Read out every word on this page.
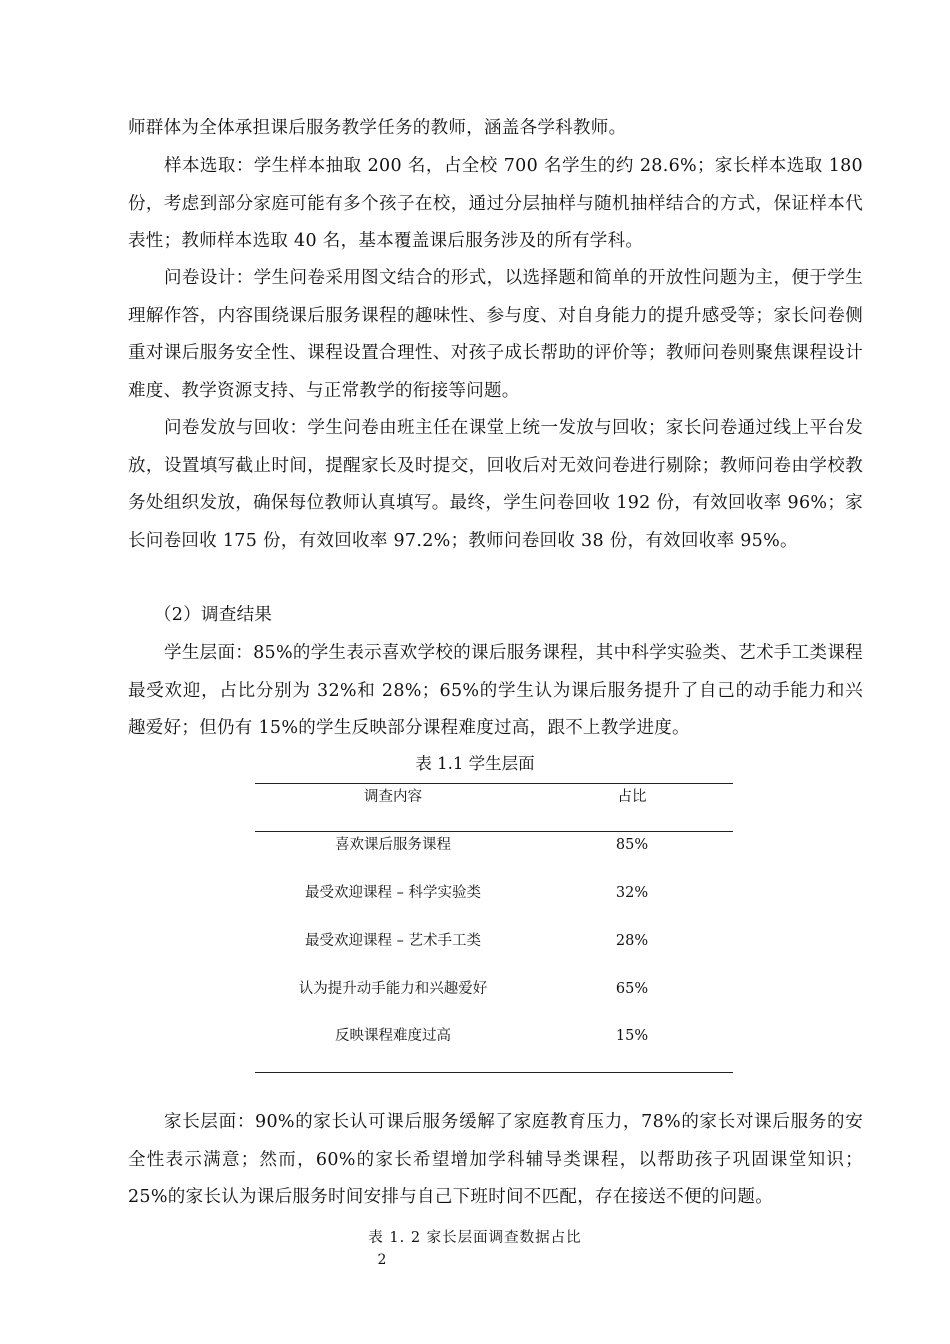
师群体为全体承担课后服务教学任务的教师，涵盖各学科教师。

样本选取：学生样本抽取 200 名，占全校 700 名学生的约 28.6%；家长样本选取 180 份，考虑到部分家庭可能有多个孩子在校，通过分层抽样与随机抽样结合的方式，保证样本代表性；教师样本选取 40 名，基本覆盖课后服务涉及的所有学科。

问卷设计：学生问卷采用图文结合的形式，以选择题和简单的开放性问题为主，便于学生理解作答，内容围绕课后服务课程的趣味性、参与度、对自身能力的提升感受等；家长问卷侧重对课后服务安全性、课程设置合理性、对孩子成长帮助的评价等；教师问卷则聚焦课程设计难度、教学资源支持、与正常教学的衔接等问题。

问卷发放与回收：学生问卷由班主任在课堂上统一发放与回收；家长问卷通过线上平台发放，设置填写截止时间，提醒家长及时提交，回收后对无效问卷进行剔除；教师问卷由学校教务处组织发放，确保每位教师认真填写。最终，学生问卷回收 192 份，有效回收率 96%；家长问卷回收 175 份，有效回收率 97.2%；教师问卷回收 38 份，有效回收率 95%。

（2）调查结果

学生层面：85%的学生表示喜欢学校的课后服务课程，其中科学实验类、艺术手工类课程最受欢迎，占比分别为 32%和 28%；65%的学生认为课后服务提升了自己的动手能力和兴趣爱好；但仍有 15%的学生反映部分课程难度过高，跟不上教学进度。

表 1.1 学生层面

调查内容	占比

喜欢课后服务课程	85%

最受欢迎课程 – 科学实验类	32%

最受欢迎课程 – 艺术手工类	28%

认为提升动手能力和兴趣爱好	65%

反映课程难度过高	15%

家长层面：90%的家长认可课后服务缓解了家庭教育压力，78%的家长对课后服务的安全性表示满意；然而，60%的家长希望增加学科辅导类课程，以帮助孩子巩固课堂知识；25%的家长认为课后服务时间安排与自己下班时间不匹配，存在接送不便的问题。

表 1. 2 家长层面调查数据占比

2
